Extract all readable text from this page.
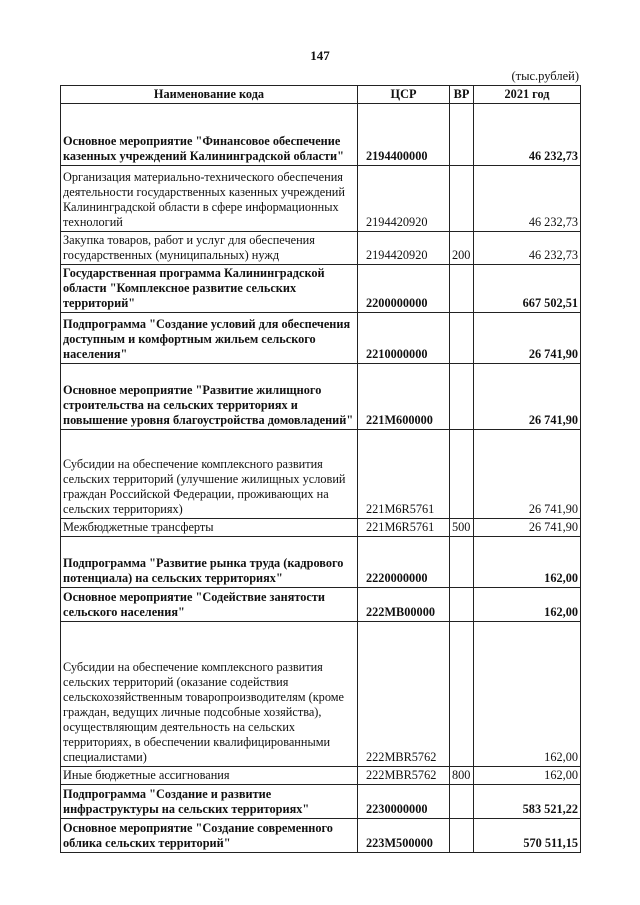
147
(тыс.рублей)
Наименование кода	ЦСР	ВР	2021 год
Основное мероприятие "Финансовое обеспечение казенных учреждений Калининградской области"	2194400000		46 232,73
Организация материально-технического обеспечения деятельности государственных казенных учреждений Калининградской области в сфере информационных технологий	2194420920		46 232,73
Закупка товаров, работ и услуг для обеспечения государственных (муниципальных) нужд	2194420920	200	46 232,73
Государственная программа Калининградской области "Комплексное развитие сельских территорий"	2200000000		667 502,51
Подпрограмма "Создание условий для обеспечения доступным и комфортным жильем сельского населения"	2210000000		26 741,90
Основное мероприятие "Развитие жилищного строительства на сельских территориях и повышение уровня благоустройства домовладений"	221M600000		26 741,90
Субсидии на обеспечение комплексного развития сельских территорий (улучшение жилищных условий граждан Российской Федерации, проживающих на сельских территориях)	221M6R5761		26 741,90
Межбюджетные трансферты	221M6R5761	500	26 741,90
Подпрограмма "Развитие рынка труда (кадрового потенциала) на сельских территориях"	2220000000		162,00
Основное мероприятие "Содействие занятости сельского населения"	222MB00000		162,00
Субсидии на обеспечение комплексного развития сельских территорий (оказание содействия сельскохозяйственным товаропроизводителям (кроме граждан, ведущих личные подсобные хозяйства), осуществляющим деятельность на сельских территориях, в обеспечении квалифицированными специалистами)	222MBR5762		162,00
Иные бюджетные ассигнования	222MBR5762	800	162,00
Подпрограмма "Создание и развитие инфраструктуры на сельских территориях"	2230000000		583 521,22
Основное мероприятие "Создание современного облика сельских территорий"	223M500000		570 511,15
